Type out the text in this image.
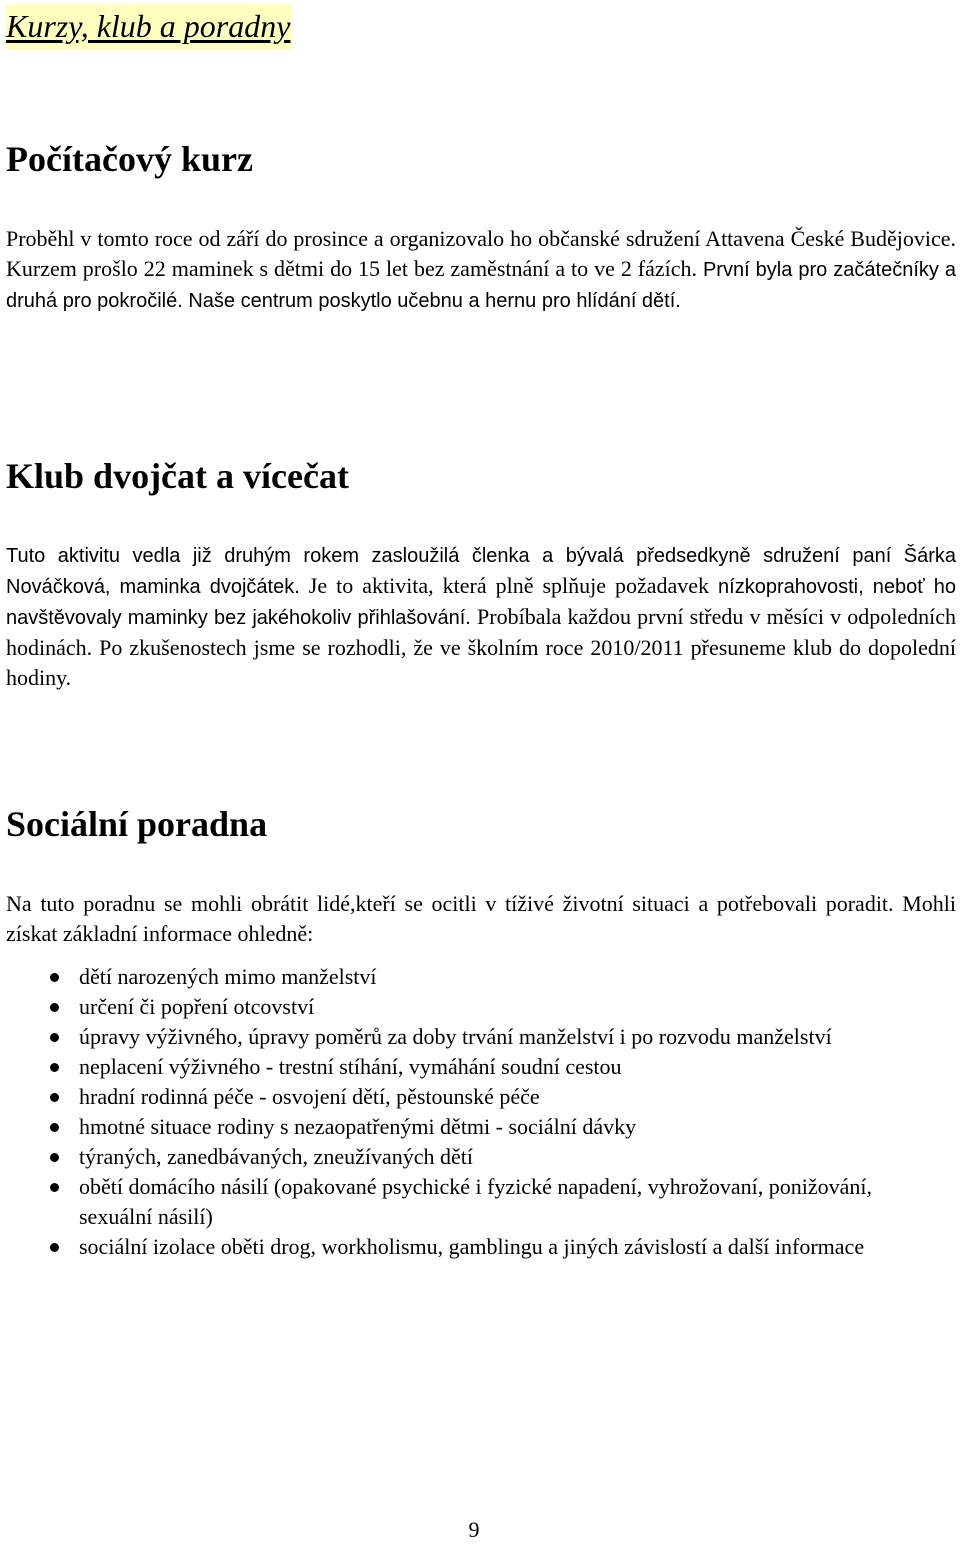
Kurzy, klub a poradny
Počítačový kurz

Proběhl v tomto roce od září do prosince a organizovalo ho občanské sdružení Attavena České Budějovice. Kurzem prošlo 22 maminek s dětmi do 15 let bez zaměstnání a to ve 2 fázích. První byla pro začátečníky a druhá pro pokročilé. Naše centrum poskytlo učebnu a hernu pro hlídání dětí.

Klub dvojčat a vícečat

Tuto aktivitu vedla již druhým rokem zasloužilá členka a bývalá předsedkyně sdružení paní Šárka Nováčková, maminka dvojčátek. Je to aktivita, která plně splňuje požadavek nízkoprahovosti, neboť ho navštěvovaly maminky bez jakéhokoliv přihlašování. Probíbala každou první středu v měsíci v odpoledních hodinách. Po zkušenostech jsme se rozhodli, že ve školním roce 2010/2011 přesuneme klub do dopolední hodiny.

Sociální poradna

Na tuto poradnu se mohli obrátit lidé,kteří se ocitli v tíživé životní situaci a potřebovali poradit. Mohli získat základní informace ohledně:

dětí narozených mimo manželství
určení či popření otcovství
úpravy výživného, úpravy poměrů za doby trvání manželství i po rozvodu manželství
neplacení výživného - trestní stíhání, vymáhání soudní cestou
hradní rodinná péče - osvojení dětí, pěstounské péče
hmotné situace rodiny s nezaopatřenými dětmi - sociální dávky
týraných, zanedbávaných, zneužívaných dětí
obětí domácího násilí (opakované psychické i fyzické napadení, vyhrožovaní, ponižování, sexuální násilí)
sociální izolace oběti drog, workholismu, gamblingu a jiných závislostí a další informace
9
